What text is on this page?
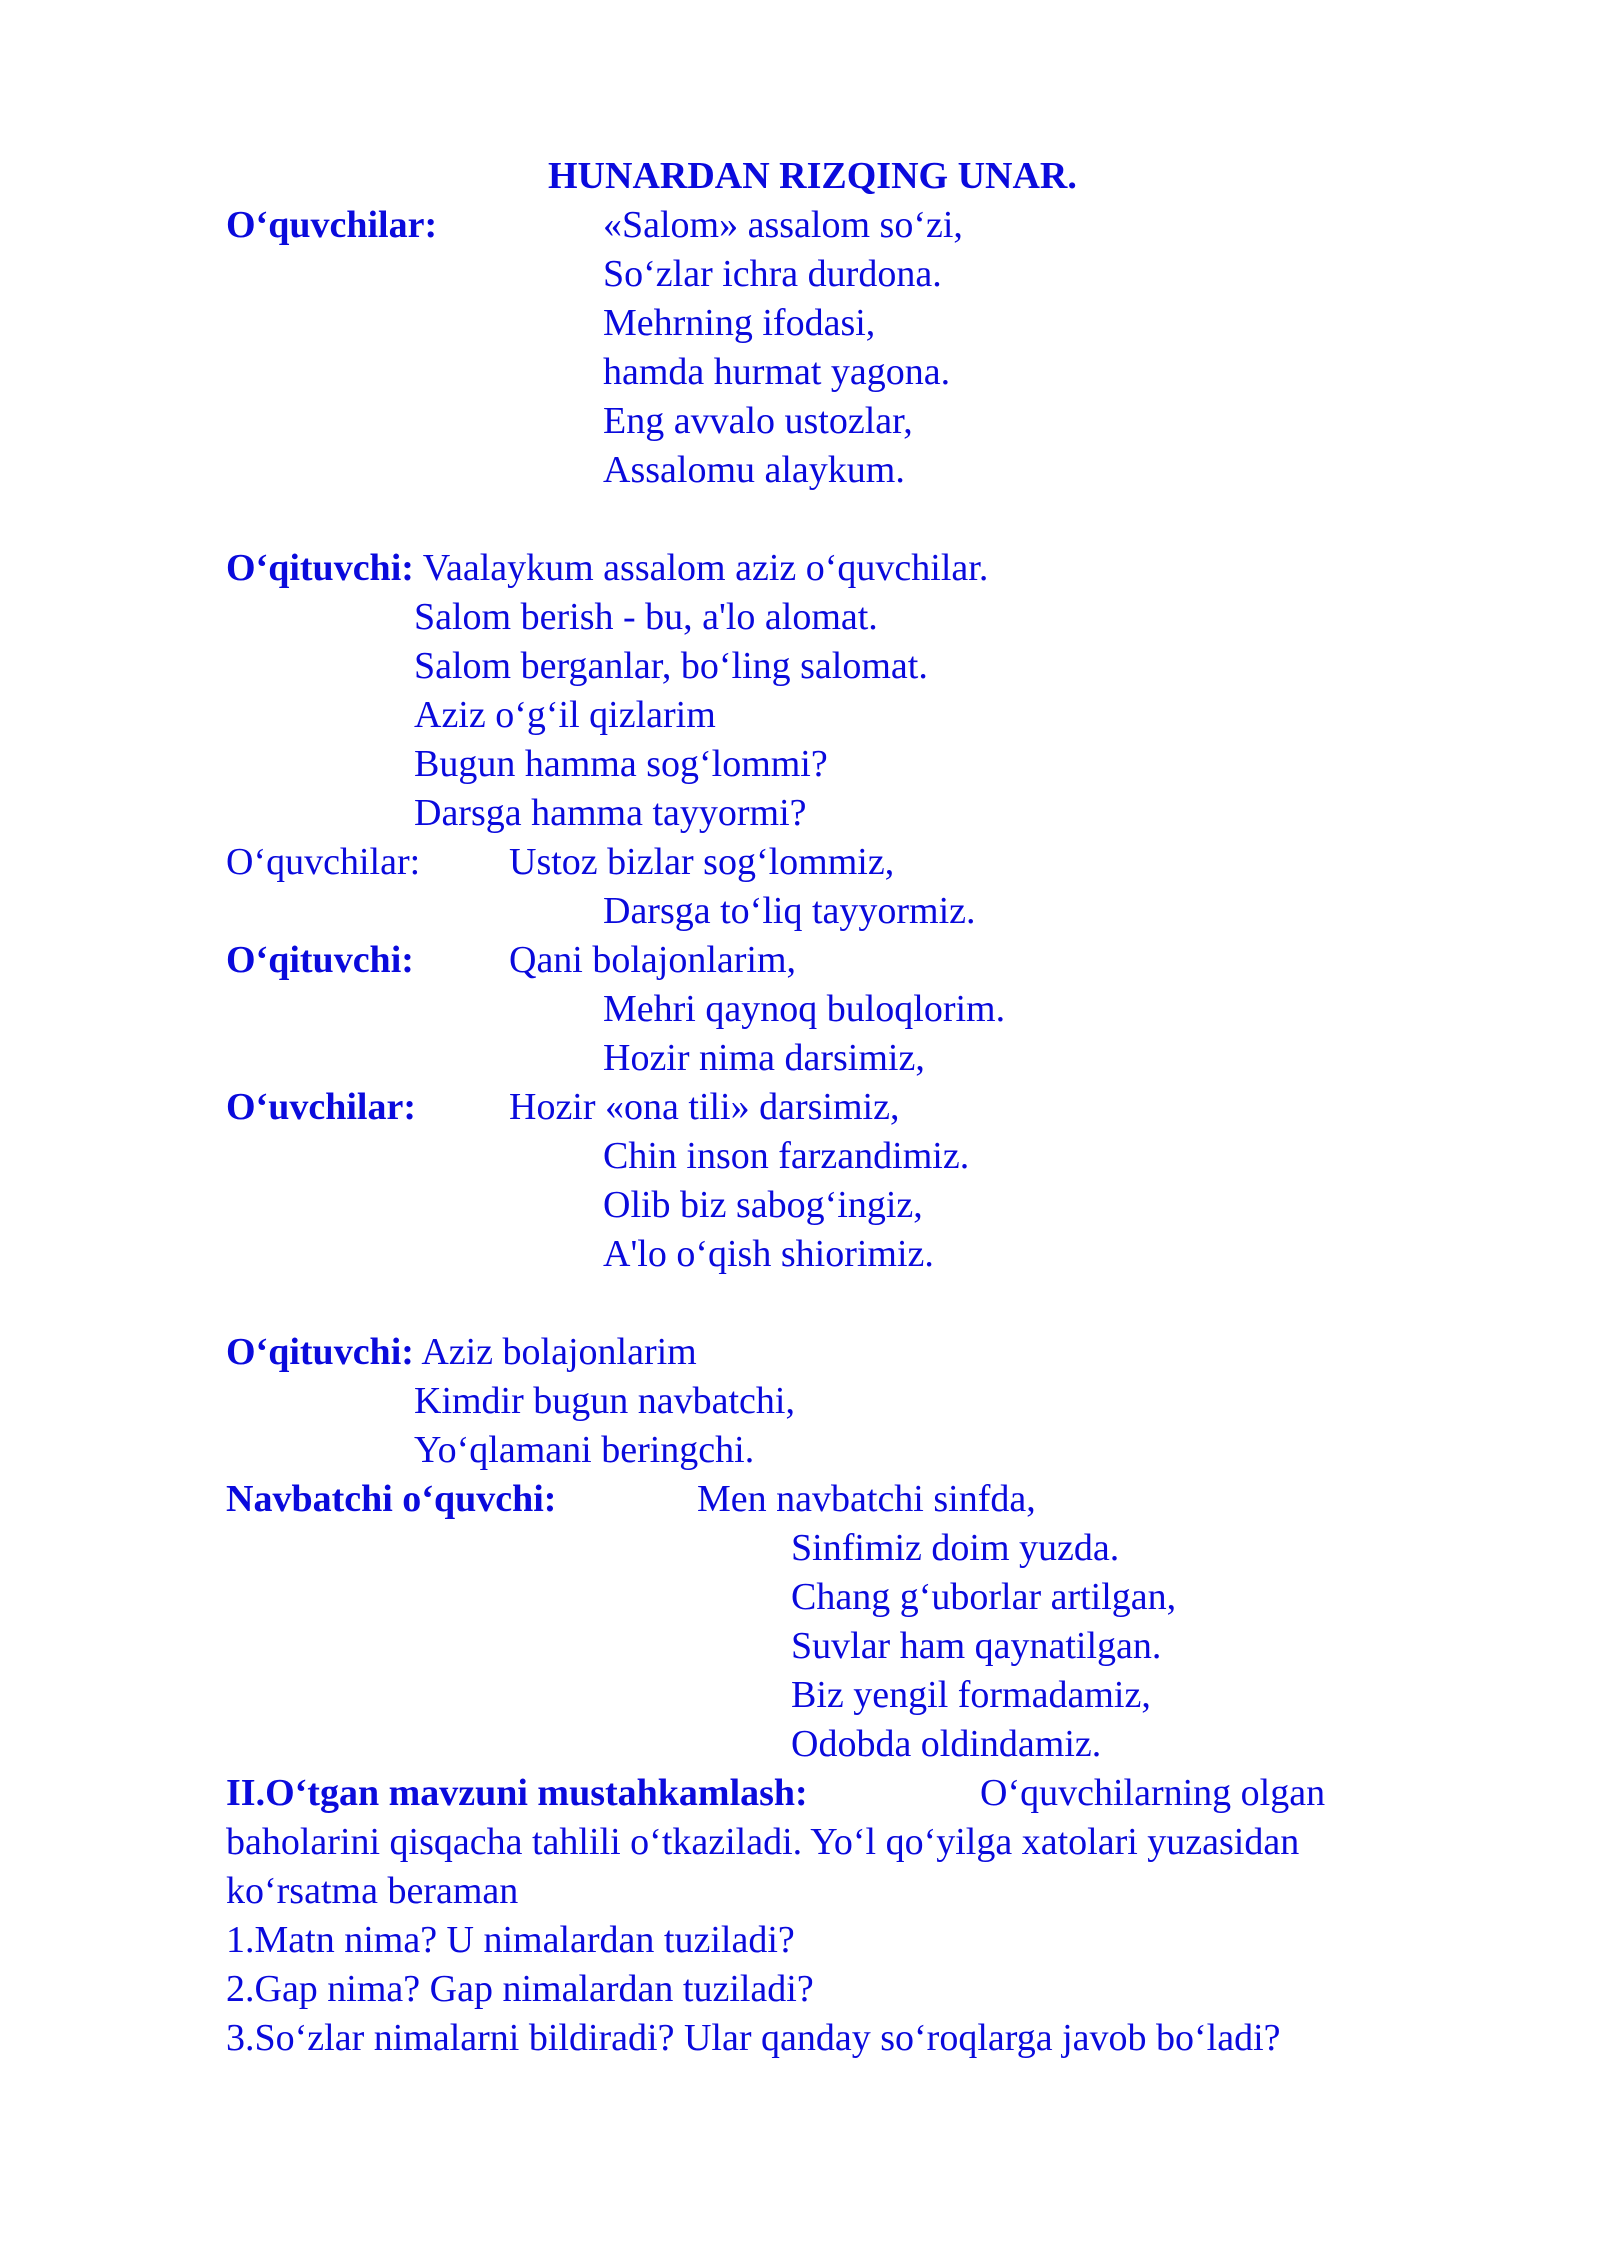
HUNARDAN RIZQING UNAR.
O‘quvchilar:	«Salom» assalom so‘zi,
So‘zlar ichra durdona.
Mehrning ifodasi,
hamda hurmat yagona.
Eng avvalo ustozlar,
Assalomu alaykum.
O‘qituvchi: Vaalaykum assalom aziz o‘quvchilar.
Salom berish - bu, a'lo alomat.
Salom berganlar, bo‘ling salomat.
Aziz o‘g‘il qizlarim
Bugun hamma sog‘lommi?
Darsga hamma tayyormi?
O‘quvchilar: Ustoz bizlar sog‘lommiz,
Darsga to‘liq tayyormiz.
O‘qituvchi:	Qani bolajonlarim,
Mehri qaynoq buloqlorim.
Hozir nima darsimiz,
O‘uvchilar: Hozir «ona tili» darsimiz,
Chin inson farzandimiz.
Olib biz sabog‘ingiz,
A'lo o‘qish shiorimiz.
O‘qituvchi: Aziz bolajonlarim
Kimdir bugun navbatchi,
Yo‘qlamani beringchi.
Navbatchi o‘quvchi:	Men navbatchi sinfda,
Sinfimiz doim yuzda.
Chang g‘uborlar artilgan,
Suvlar ham qaynatilgan.
Biz yengil formadamiz,
Odobda oldindamiz.
II.O‘tgan mavzuni mustahkamlash:	O‘quvchilarning olgan
baholarini qisqacha tahlili o‘tkaziladi. Yo‘l qo‘yilga xatolari yuzasidan
ko‘rsatma beraman
1.Matn nima? U nimalardan tuziladi?
2.Gap nima? Gap nimalardan tuziladi?
3.So‘zlar nimalarni bildiradi? Ular qanday so‘roqlarga javob bo‘ladi?
